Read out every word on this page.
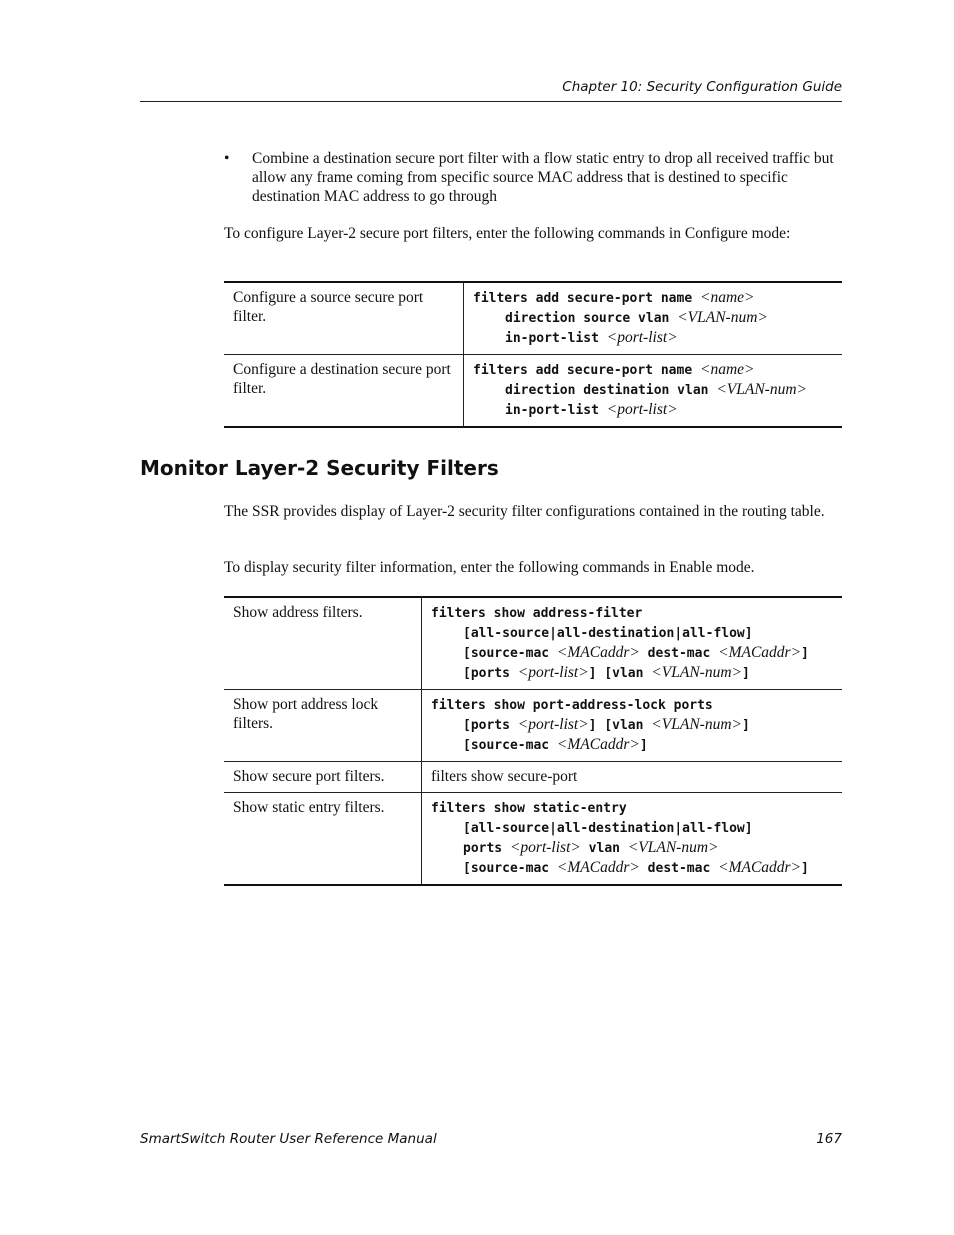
Chapter 10: Security Configuration Guide
• Combine a destination secure port filter with a flow static entry to drop all received traffic but allow any frame coming from specific source MAC address that is destined to specific destination MAC address to go through
To configure Layer-2 secure port filters, enter the following commands in Configure mode:
Configure a source secure port filter.	filters add secure-port name <name>
direction source vlan <VLAN-num>
in-port-list <port-list>

Configure a destination secure port filter.	filters add secure-port name <name>
direction destination vlan <VLAN-num>
in-port-list <port-list>
Monitor Layer-2 Security Filters
The SSR provides display of Layer-2 security filter configurations contained in the routing table.
To display security filter information, enter the following commands in Enable mode.
Show address filters.	filters show address-filter
[all-source|all-destination|all-flow]
[source-mac <MACaddr> dest-mac <MACaddr>]
[ports <port-list>] [vlan <VLAN-num>]

Show port address lock filters.	filters show port-address-lock ports
[ports <port-list>] [vlan <VLAN-num>]
[source-mac <MACaddr>]

Show secure port filters.	filters show secure-port

Show static entry filters.	filters show static-entry
[all-source|all-destination|all-flow]
ports <port-list> vlan <VLAN-num>
[source-mac <MACaddr> dest-mac <MACaddr>]
SmartSwitch Router User Reference Manual	167
